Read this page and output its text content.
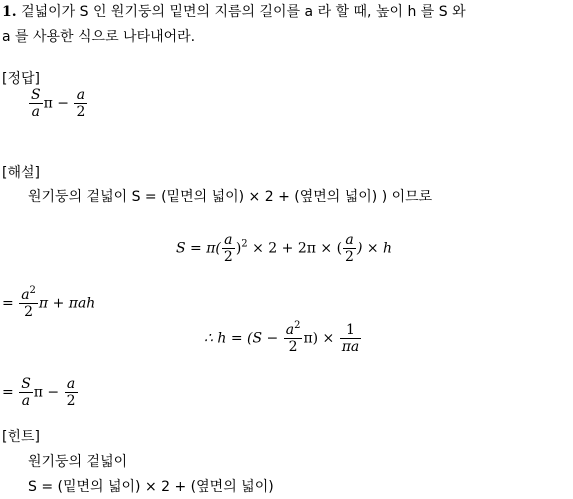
1. 겉넓이가 S 인 원기둥의 밑면의 지름의 길이를 a 라 할 때, 높이 h 를 S 와
a 를 사용한 식으로 나타내어라.
[정답]
$\frac{S}{a}$ $\pi - \frac{a}{2}$
[해설]
원기둥의 겉넓이 S = (밑면의 넓이) × 2 + (옆면의 넓이) ) 이므로
$S = \pi( \frac{a}{2} )^2 \times 2 + 2\pi$ × ( $\frac{a}{2}$ ) × h
= $\frac{a^2}{2}$ π + πah
∴ $h = (S - \frac{a^2}{2} \pi) \times \frac{1}{\pi a}$
= $\frac{S}{a}$ $\pi - \frac{a}{2}$
[힌트]
원기둥의 겉넓이
S = (밑면의 넓이) × 2 + (옆면의 넓이)
